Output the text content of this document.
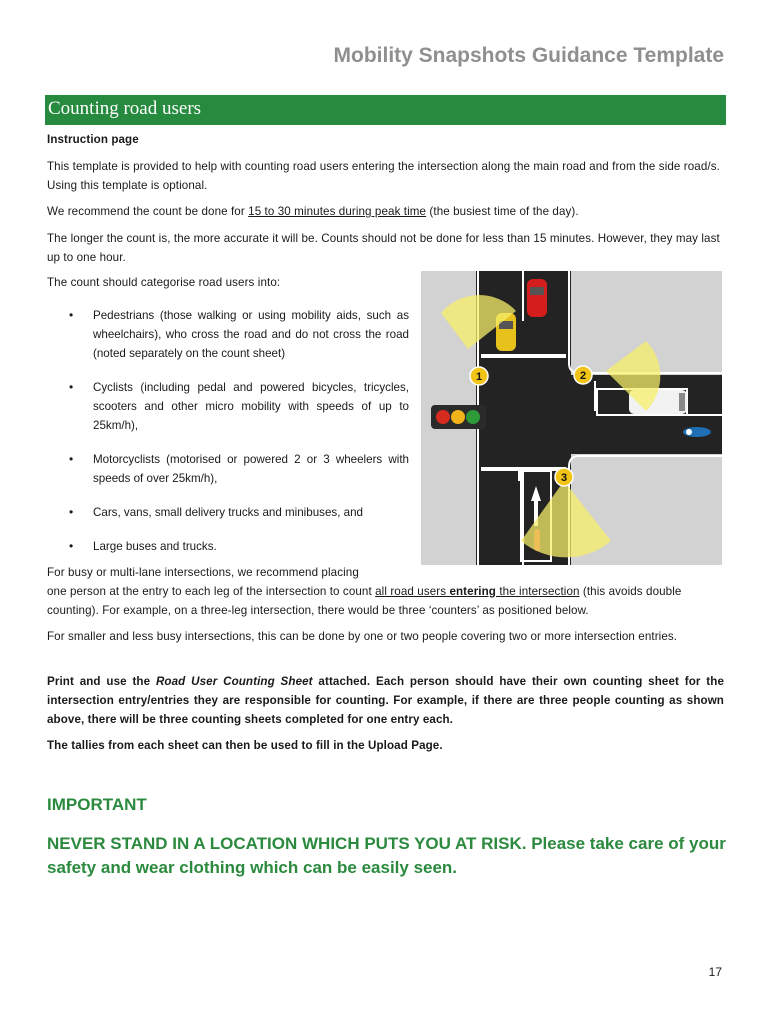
Mobility Snapshots Guidance Template
Counting road users
Instruction page
This template is provided to help with counting road users entering the intersection along the main road and from the side road/s. Using this template is optional.
We recommend the count be done for 15 to 30 minutes during peak time (the busiest time of the day).
The longer the count is, the more accurate it will be. Counts should not be done for less than 15 minutes. However, they may last up to one hour.
The count should categorise road users into:
• Pedestrians (those walking or using mobility aids, such as wheelchairs), who cross the road and do not cross the road (noted separately on the count sheet)
• Cyclists (including pedal and powered bicycles, tricycles, scooters and other micro mobility with speeds of up to 25km/h),
• Motorcyclists (motorised or powered 2 or 3 wheelers with speeds of over 25km/h),
• Cars, vans, small delivery trucks and minibuses, and
• Large buses and trucks.
1	2
3
For busy or multi-lane intersections, we recommend placing
one person at the entry to each leg of the intersection to count all road users entering the intersection (this avoids double counting). For example, on a three-leg intersection, there would be three ‘counters’ as positioned below.
For smaller and less busy intersections, this can be done by one or two people covering two or more intersection entries.
Print and use the Road User Counting Sheet attached. Each person should have their own counting sheet for the intersection entry/entries they are responsible for counting. For example, if there are three people counting as shown above, there will be three counting sheets completed for one entry each.
The tallies from each sheet can then be used to fill in the Upload Page.
IMPORTANT
NEVER STAND IN A LOCATION WHICH PUTS YOU AT RISK. Please take care of your safety and wear clothing which can be easily seen.
17
